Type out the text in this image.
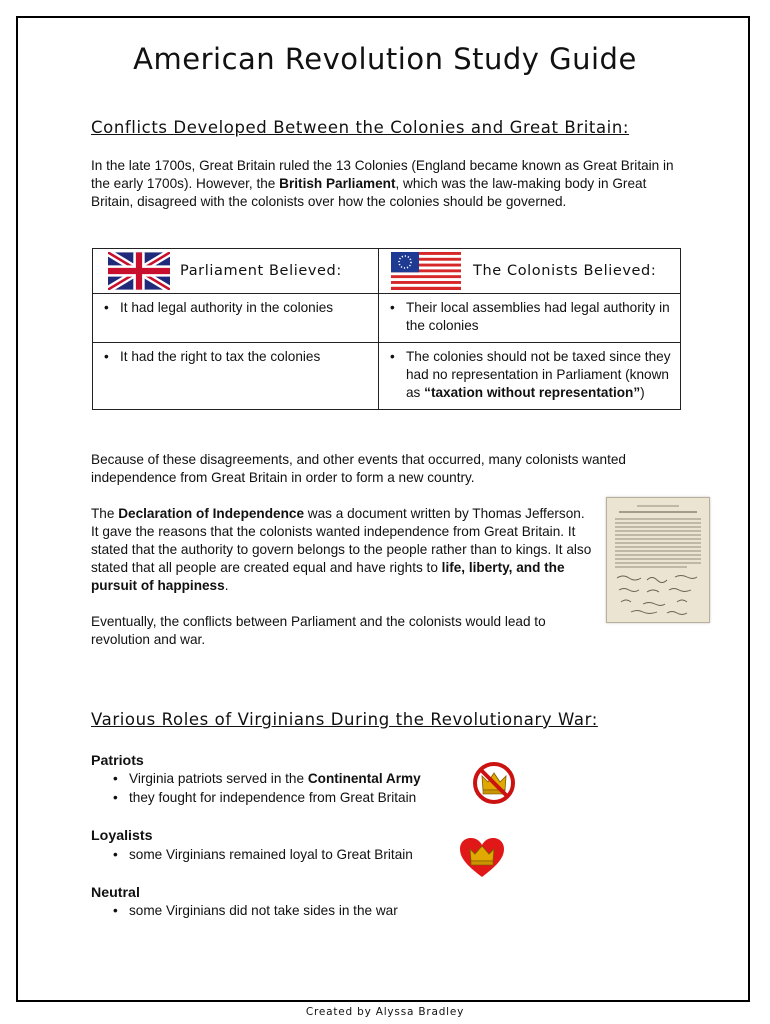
American Revolution Study Guide
Conflicts Developed Between the Colonies and Great Britain:
In the late 1700s, Great Britain ruled the 13 Colonies (England became known as Great Britain in the early 1700s). However, the British Parliament, which was the law-making body in Great Britain, disagreed with the colonists over how the colonies should be governed.
Parliament Believed:	The Colonists Believed:

• It had legal authority in the colonies	• Their local assemblies had legal authority in the colonies

• It had the right to tax the colonies	• The colonies should not be taxed since they had no representation in Parliament (known as “taxation without representation”)
Because of these disagreements, and other events that occurred, many colonists wanted independence from Great Britain in order to form a new country.
The Declaration of Independence was a document written by Thomas Jefferson. It gave the reasons that the colonists wanted independence from Great Britain. It stated that the authority to govern belongs to the people rather than to kings. It also stated that all people are created equal and have rights to life, liberty, and the pursuit of happiness.
Eventually, the conflicts between Parliament and the colonists would lead to revolution and war.
Various Roles of Virginians During the Revolutionary War:
Patriots
• Virginia patriots served in the Continental Army
• they fought for independence from Great Britain
Loyalists
• some Virginians remained loyal to Great Britain
Neutral
• some Virginians did not take sides in the war
Created by Alyssa Bradley
